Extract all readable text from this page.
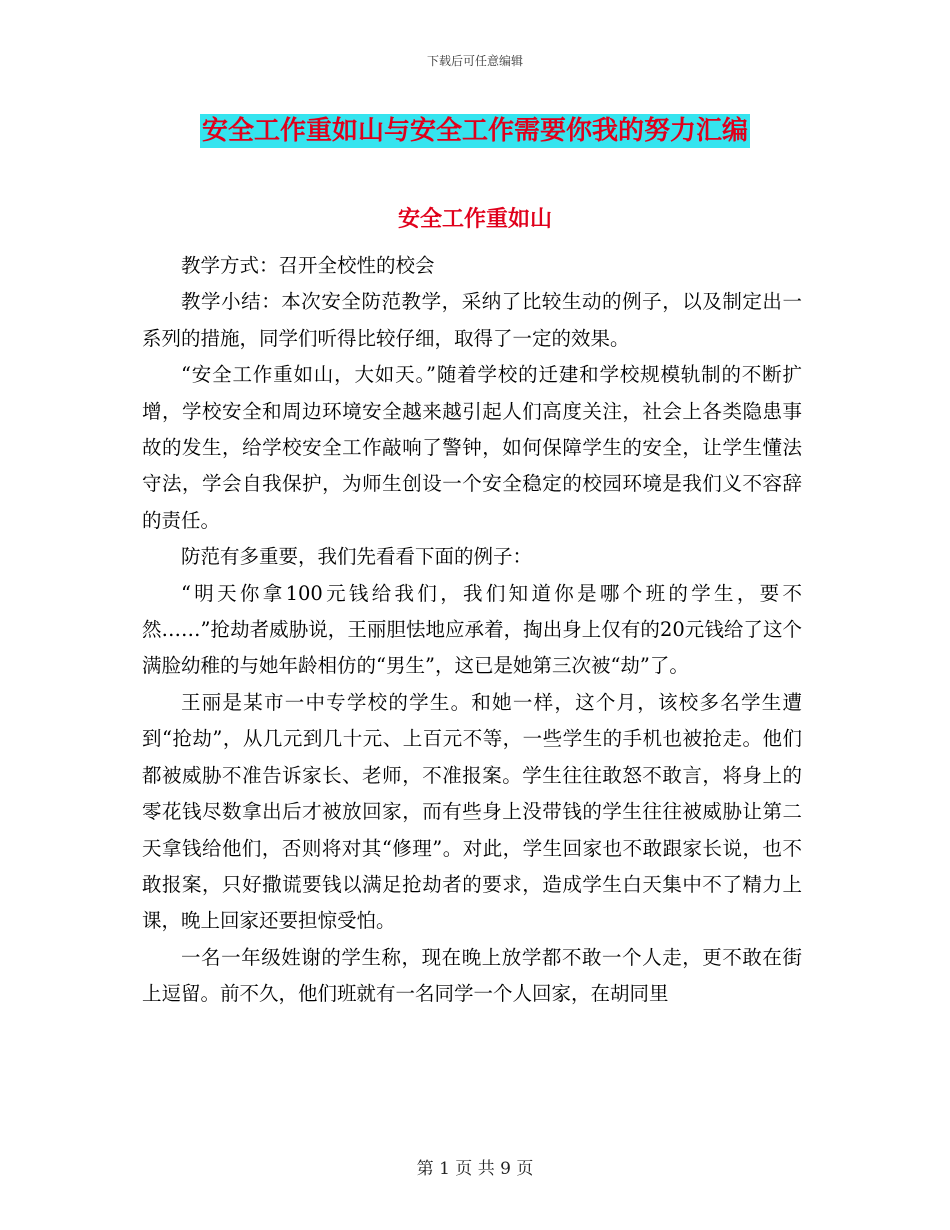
下载后可任意编辑
安全工作重如山与安全工作需要你我的努力汇编
安全工作重如山

教学方式：召开全校性的校会

教学小结：本次安全防范教学，采纳了比较生动的例子，以及制定出一系列的措施，同学们听得比较仔细，取得了一定的效果。

“安全工作重如山，大如天。”随着学校的迁建和学校规模轨制的不断扩增，学校安全和周边环境安全越来越引起人们高度关注，社会上各类隐患事故的发生，给学校安全工作敲响了警钟，如何保障学生的安全，让学生懂法守法，学会自我保护，为师生创设一个安全稳定的校园环境是我们义不容辞的责任。

防范有多重要，我们先看看下面的例子：

“明天你拿100元钱给我们，我们知道你是哪个班的学生，要不然……”抢劫者威胁说，王丽胆怯地应承着，掏出身上仅有的20元钱给了这个满脸幼稚的与她年龄相仿的“男生”，这已是她第三次被“劫”了。

王丽是某市一中专学校的学生。和她一样，这个月，该校多名学生遭到“抢劫”，从几元到几十元、上百元不等，一些学生的手机也被抢走。他们都被威胁不准告诉家长、老师，不准报案。学生往往敢怒不敢言，将身上的零花钱尽数拿出后才被放回家，而有些身上没带钱的学生往往被威胁让第二天拿钱给他们，否则将对其“修理”。对此，学生回家也不敢跟家长说，也不敢报案，只好撒谎要钱以满足抢劫者的要求，造成学生白天集中不了精力上课，晚上回家还要担惊受怕。

一名一年级姓谢的学生称，现在晚上放学都不敢一个人走，更不敢在街上逗留。前不久，他们班就有一名同学一个人回家，在胡同里

第 1 页 共 9 页
